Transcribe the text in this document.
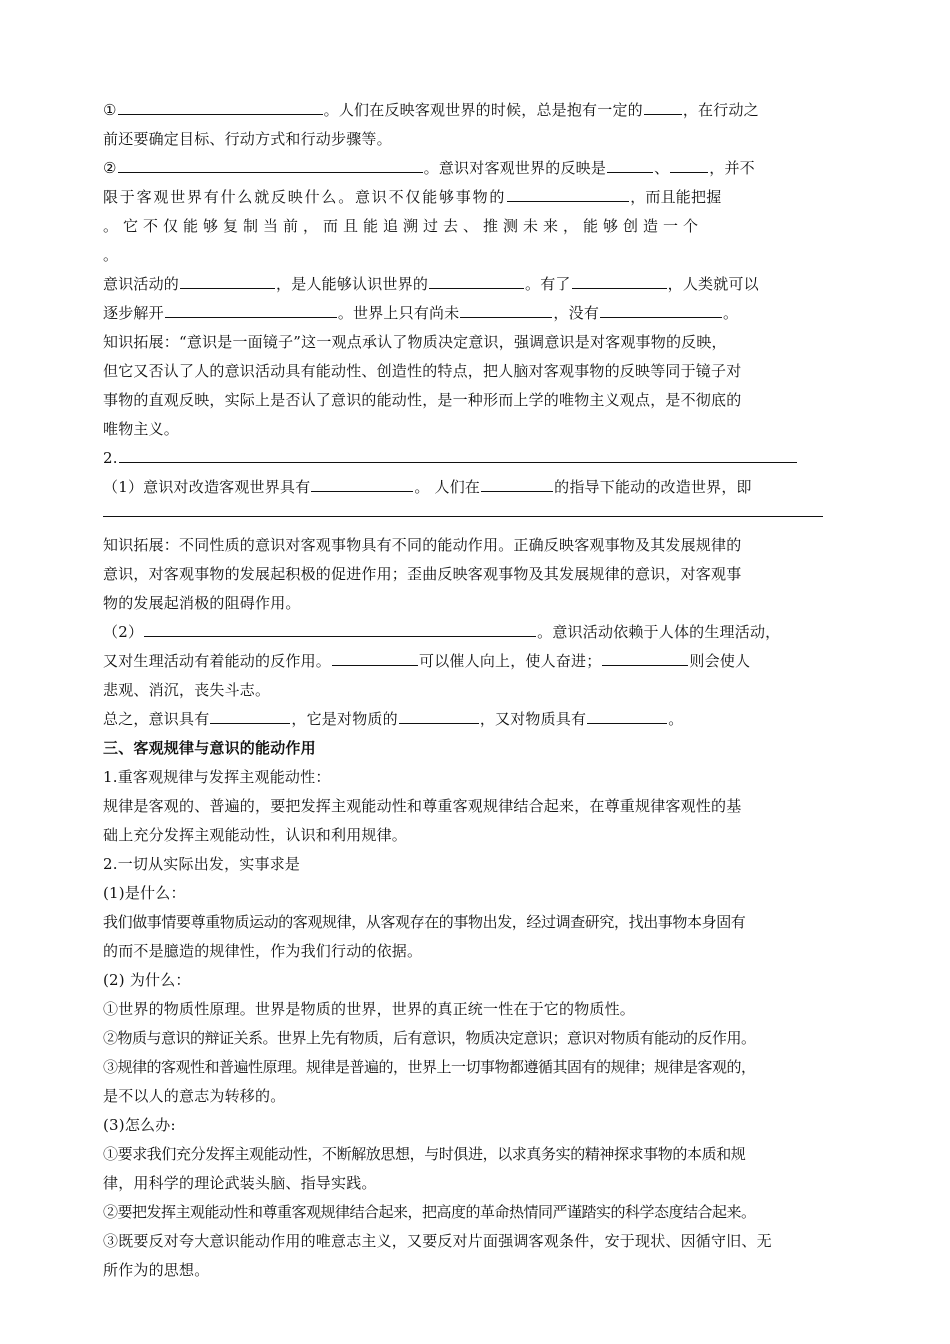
①	。人们在反映客观世界的时候，总是抱有一定的	，在行动之
前还要确定目标、行动方式和行动步骤等。
②	。意识对客观世界的反映是	、	，并不
限于客观世界有什么就反映什么。意识不仅能够事物的	，而且能把握
。它不仅能够复制当前，而且能追溯过去、推测未来，能够创造一个
。
意识活动的	，是人能够认识世界的	。有了	，人类就可以
逐步解开	。世界上只有尚未	，没有	。
知识拓展：“意识是一面镜子”这一观点承认了物质决定意识，强调意识是对客观事物的反映，
但它又否认了人的意识活动具有能动性、创造性的特点，把人脑对客观事物的反映等同于镜子对
事物的直观反映，实际上是否认了意识的能动性，是一种形而上学的唯物主义观点，是不彻底的
唯物主义。
2.
（1）意识对改造客观世界具有	。 人们在	的指导下能动的改造世界，即
知识拓展：不同性质的意识对客观事物具有不同的能动作用。正确反映客观事物及其发展规律的
意识，对客观事物的发展起积极的促进作用；歪曲反映客观事物及其发展规律的意识，对客观事
物的发展起消极的阻碍作用。
（2）	。意识活动依赖于人体的生理活动，
又对生理活动有着能动的反作用。	可以催人向上，使人奋进；	则会使人
悲观、消沉，丧失斗志。
总之，意识具有	，它是对物质的	，又对物质具有	。
三、客观规律与意识的能动作用
1.重客观规律与发挥主观能动性：
规律是客观的、普遍的，要把发挥主观能动性和尊重客观规律结合起来，在尊重规律客观性的基
础上充分发挥主观能动性，认识和利用规律。
2.一切从实际出发，实事求是
(1)是什么：
我们做事情要尊重物质运动的客观规律，从客观存在的事物出发，经过调查研究，找出事物本身固有
的而不是臆造的规律性，作为我们行动的依据。
(2) 为什么：
①世界的物质性原理。世界是物质的世界，世界的真正统一性在于它的物质性。
②物质与意识的辩证关系。世界上先有物质，后有意识，物质决定意识；意识对物质有能动的反作用。
③规律的客观性和普遍性原理。规律是普遍的，世界上一切事物都遵循其固有的规律；规律是客观的，
是不以人的意志为转移的。
(3)怎么办:
①要求我们充分发挥主观能动性，不断解放思想，与时俱进，以求真务实的精神探求事物的本质和规
律，用科学的理论武装头脑、指导实践。
②要把发挥主观能动性和尊重客观规律结合起来，把高度的革命热情同严谨踏实的科学态度结合起来。
③既要反对夸大意识能动作用的唯意志主义，又要反对片面强调客观条件，安于现状、因循守旧、无
所作为的思想。
